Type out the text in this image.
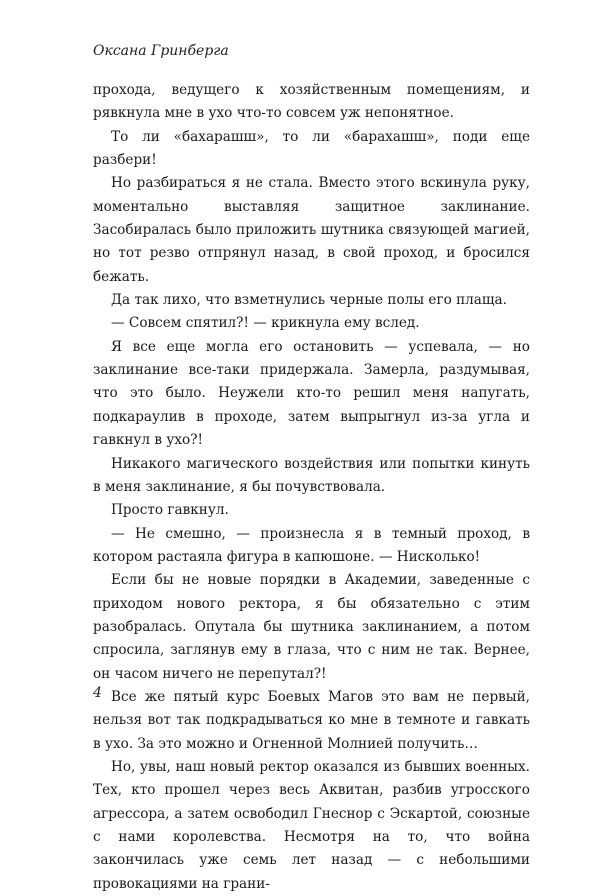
Оксана Гринберга

проходa, ведущего к хозяйственным помещениям, и рявкнула мне в ухо что-то совсем уж непонятное.

То ли «бахарашш», то ли «барахашш», поди еще разбери!

Но разбираться я не стала. Вместо этого вскинула руку, моментально выставляя защитное заклинание. Засобиралась было приложить шутника связующей магией, но тот резво отпрянул назад, в свой проход, и бросился бежать.

Да так лихо, что взметнулись черные полы его плаща.

— Совсем спятил?! — крикнула ему вслед.

Я все еще могла его остановить — успевала, — но заклинание все-таки придержала. Замерла, раздумывая, что это было. Неужели кто-то решил меня напугать, подкараулив в проходе, затем выпрыгнул из-за угла и гавкнул в ухо?!

Никакого магического воздействия или попытки кинуть в меня заклинание, я бы почувствовала.

Просто гавкнул.

— Не смешно, — произнесла я в темный проход, в котором растаяла фигура в капюшоне. — Нисколько!

Если бы не новые порядки в Академии, заведенные с приходом нового ректора, я бы обязательно с этим разобралась. Опутала бы шутника заклинанием, а потом спросила, заглянув ему в глаза, что с ним не так. Вернее, он часом ничего не перепутал?!

Все же пятый курс Боевых Магов это вам не первый, нельзя вот так подкрадываться ко мне в темноте и гавкать в ухо. За это можно и Огненной Молнией получить…

Но, увы, наш новый ректор оказался из бывших военных. Тех, кто прошел через весь Аквитан, разбив угросского агрессора, а затем освободил Гнеснор с Эскартой, союзные с нами королевства. Несмотря на то, что война закончилась уже семь лет назад — с небольшими провокациями на грани-

4
